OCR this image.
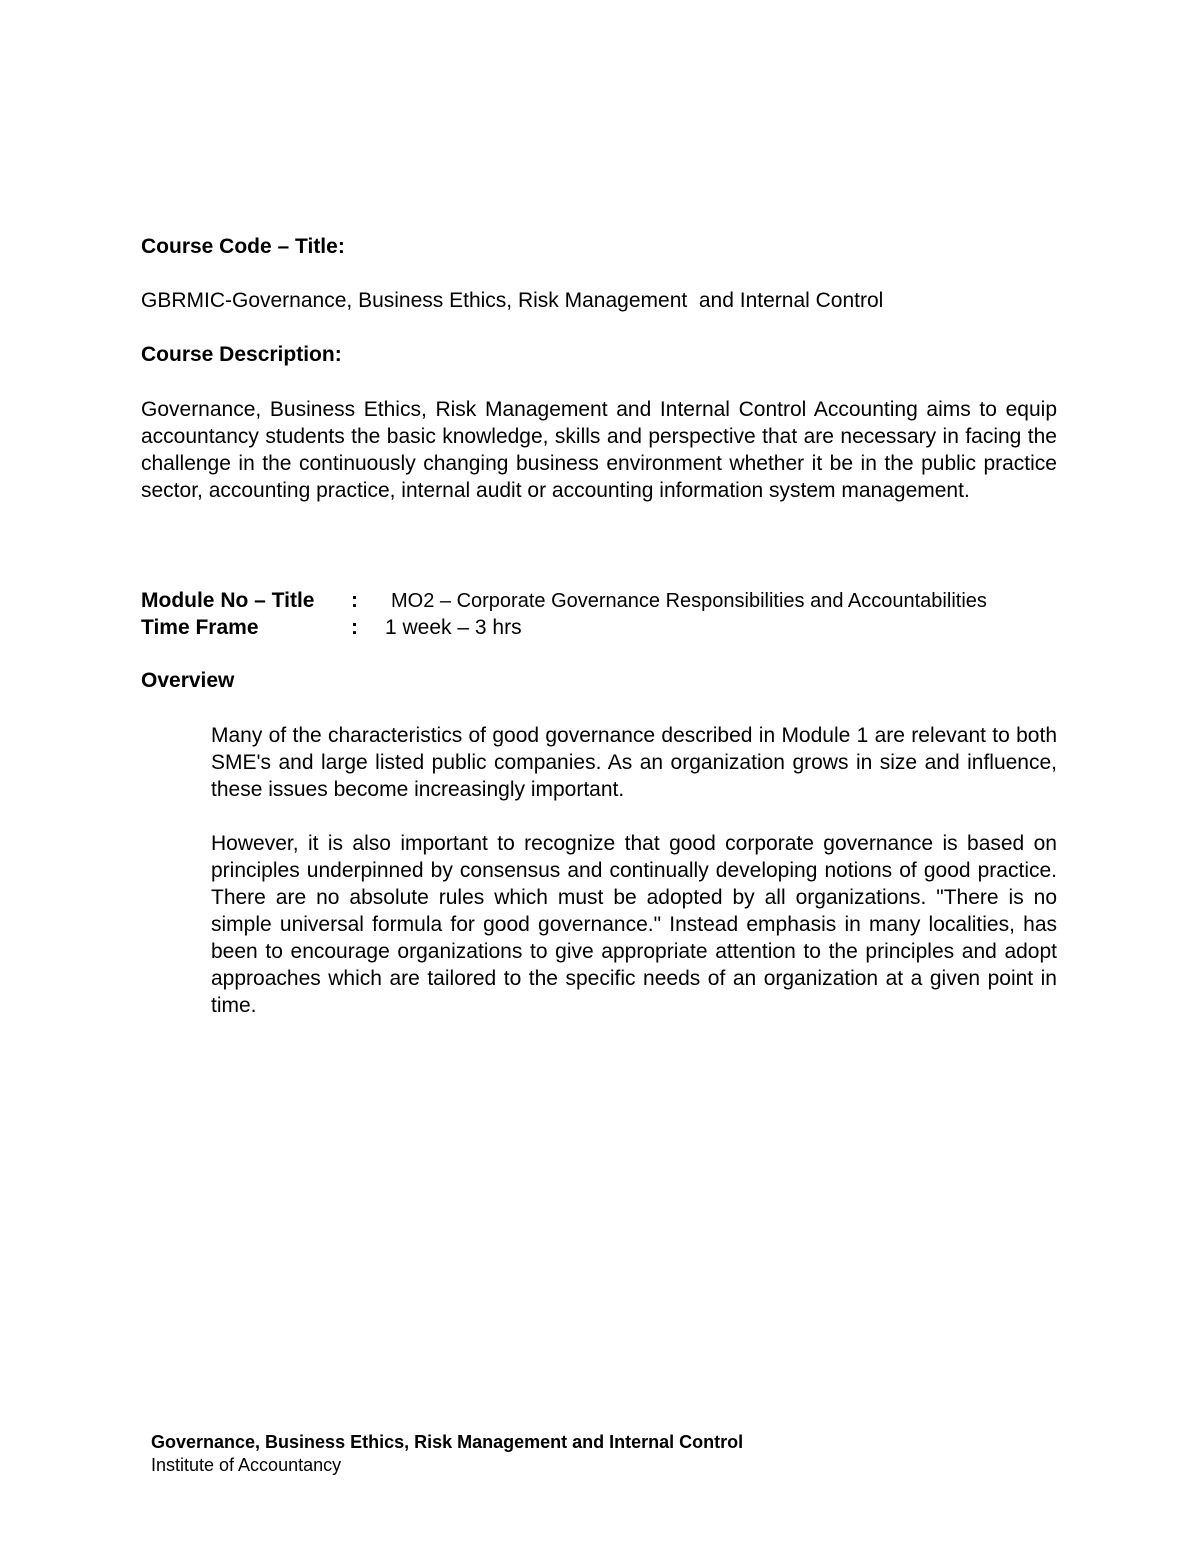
Course Code – Title:
GBRMIC-Governance, Business Ethics, Risk Management  and Internal Control
Course Description:
Governance, Business Ethics, Risk Management and Internal Control Accounting aims to equip accountancy students the basic knowledge, skills and perspective that are necessary in facing the challenge in the continuously changing business environment whether it be in the public practice sector, accounting practice, internal audit or accounting information system management.
Module No – Title : MO2 – Corporate Governance Responsibilities and Accountabilities
Time Frame	: 1 week – 3 hrs
Overview
Many of the characteristics of good governance described in Module 1 are relevant to both SME's and large listed public companies. As an organization grows in size and influence, these issues become increasingly important.
However, it is also important to recognize that good corporate governance is based on principles underpinned by consensus and continually developing notions of good practice. There are no absolute rules which must be adopted by all organizations. "There is no simple universal formula for good governance." Instead emphasis in many localities, has been to encourage organizations to give appropriate attention to the principles and adopt approaches which are tailored to the specific needs of an organization at a given point in time.
Governance, Business Ethics, Risk Management and Internal Control
Institute of Accountancy
